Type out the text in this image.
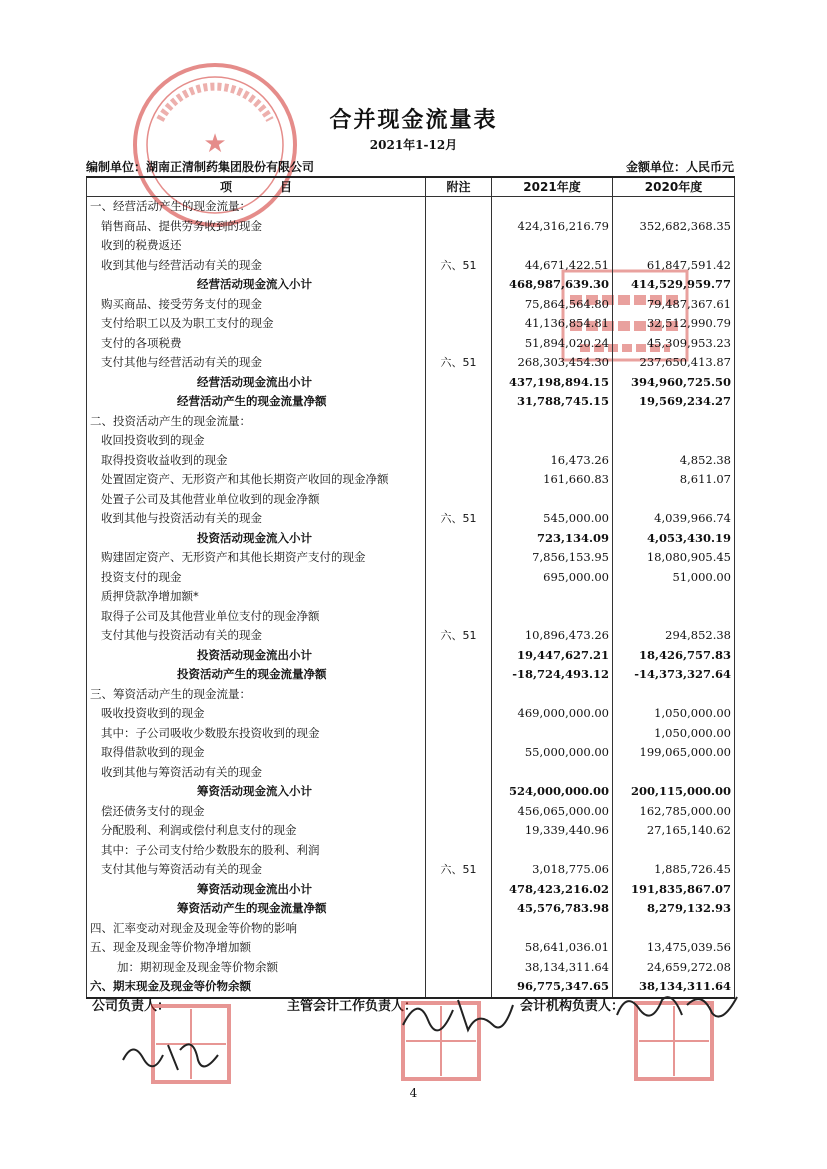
★
合并现金流量表
2021年1-12月
编制单位：湖南正清制药集团股份有限公司	金额单位：人民币元
项　　　　目	附注	2021年度	2020年度
一、经营活动产生的现金流量：			
销售商品、提供劳务收到的现金		424,316,216.79	352,682,368.35
收到的税费返还			
收到其他与经营活动有关的现金	六、51	44,671,422.51	61,847,591.42
经营活动现金流入小计		468,987,639.30	414,529,959.77
购买商品、接受劳务支付的现金		75,864,564.80	79,487,367.61
支付给职工以及为职工支付的现金		41,136,854.81	32,512,990.79
支付的各项税费		51,894,020.24	45,309,953.23
支付其他与经营活动有关的现金	六、51	268,303,454.30	237,650,413.87
经营活动现金流出小计		437,198,894.15	394,960,725.50
经营活动产生的现金流量净额		31,788,745.15	19,569,234.27
二、投资活动产生的现金流量：			
收回投资收到的现金			
取得投资收益收到的现金		16,473.26	4,852.38
处置固定资产、无形资产和其他长期资产收回的现金净额		161,660.83	8,611.07
处置子公司及其他营业单位收到的现金净额			
收到其他与投资活动有关的现金	六、51	545,000.00	4,039,966.74
投资活动现金流入小计		723,134.09	4,053,430.19
购建固定资产、无形资产和其他长期资产支付的现金		7,856,153.95	18,080,905.45
投资支付的现金		695,000.00	51,000.00
质押贷款净增加额*			
取得子公司及其他营业单位支付的现金净额			
支付其他与投资活动有关的现金	六、51	10,896,473.26	294,852.38
投资活动现金流出小计		19,447,627.21	18,426,757.83
投资活动产生的现金流量净额		-18,724,493.12	-14,373,327.64
三、筹资活动产生的现金流量：			
吸收投资收到的现金		469,000,000.00	1,050,000.00
其中：子公司吸收少数股东投资收到的现金			1,050,000.00
取得借款收到的现金		55,000,000.00	199,065,000.00
收到其他与筹资活动有关的现金			
筹资活动现金流入小计		524,000,000.00	200,115,000.00
偿还债务支付的现金		456,065,000.00	162,785,000.00
分配股利、利润或偿付利息支付的现金		19,339,440.96	27,165,140.62
其中：子公司支付给少数股东的股利、利润			
支付其他与筹资活动有关的现金	六、51	3,018,775.06	1,885,726.45
筹资活动现金流出小计		478,423,216.02	191,835,867.07
筹资活动产生的现金流量净额		45,576,783.98	8,279,132.93
四、汇率变动对现金及现金等价物的影响			
五、现金及现金等价物净增加额		58,641,036.01	13,475,039.56
加：期初现金及现金等价物余额		38,134,311.64	24,659,272.08
六、期末现金及现金等价物余额		96,775,347.65	38,134,311.64
公司负责人：	主管会计工作负责人：	会计机构负责人：
4
